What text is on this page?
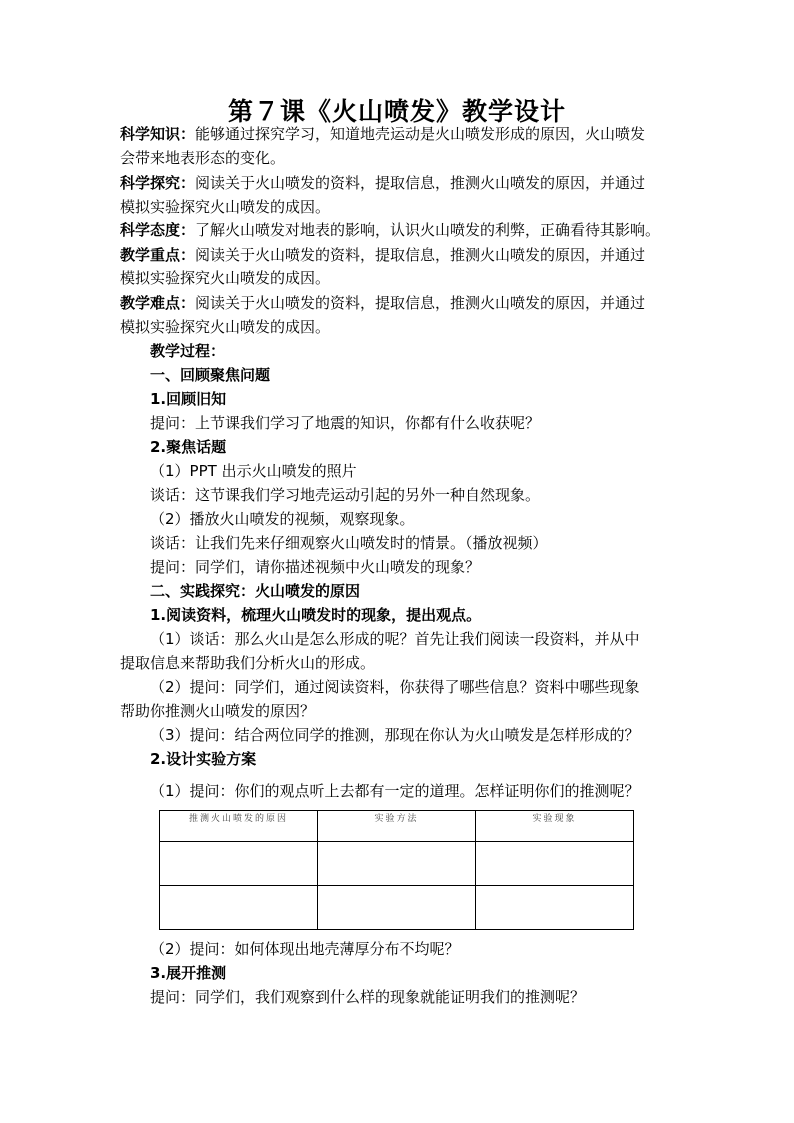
第７课《火山喷发》教学设计
科学知识：能够通过探究学习，知道地壳运动是火山喷发形成的原因，火山喷发
会带来地表形态的变化。
科学探究：阅读关于火山喷发的资料，提取信息，推测火山喷发的原因，并通过
模拟实验探究火山喷发的成因。
科学态度：了解火山喷发对地表的影响，认识火山喷发的利弊，正确看待其影响。
教学重点：阅读关于火山喷发的资料，提取信息，推测火山喷发的原因，并通过
模拟实验探究火山喷发的成因。
教学难点：阅读关于火山喷发的资料，提取信息，推测火山喷发的原因，并通过
模拟实验探究火山喷发的成因。
教学过程：
一、回顾聚焦问题
1.回顾旧知
提问：上节课我们学习了地震的知识，你都有什么收获呢？
2.聚焦话题
（1）PPT 出示火山喷发的照片
谈话：这节课我们学习地壳运动引起的另外一种自然现象。
（2）播放火山喷发的视频，观察现象。
谈话：让我们先来仔细观察火山喷发时的情景。（播放视频）
提问：同学们，请你描述视频中火山喷发的现象？
二、实践探究：火山喷发的原因
1.阅读资料，梳理火山喷发时的现象，提出观点。
（1）谈话：那么火山是怎么形成的呢？首先让我们阅读一段资料，并从中
提取信息来帮助我们分析火山的形成。
（2）提问：同学们，通过阅读资料，你获得了哪些信息？资料中哪些现象
帮助你推测火山喷发的原因？
（3）提问：结合两位同学的推测，那现在你认为火山喷发是怎样形成的？
2.设计实验方案
（1）提问：你们的观点听上去都有一定的道理。怎样证明你们的推测呢？
推测火山喷发的原因	实验方法	实验现象

（2）提问：如何体现出地壳薄厚分布不均呢？
3.展开推测
提问：同学们，我们观察到什么样的现象就能证明我们的推测呢？
